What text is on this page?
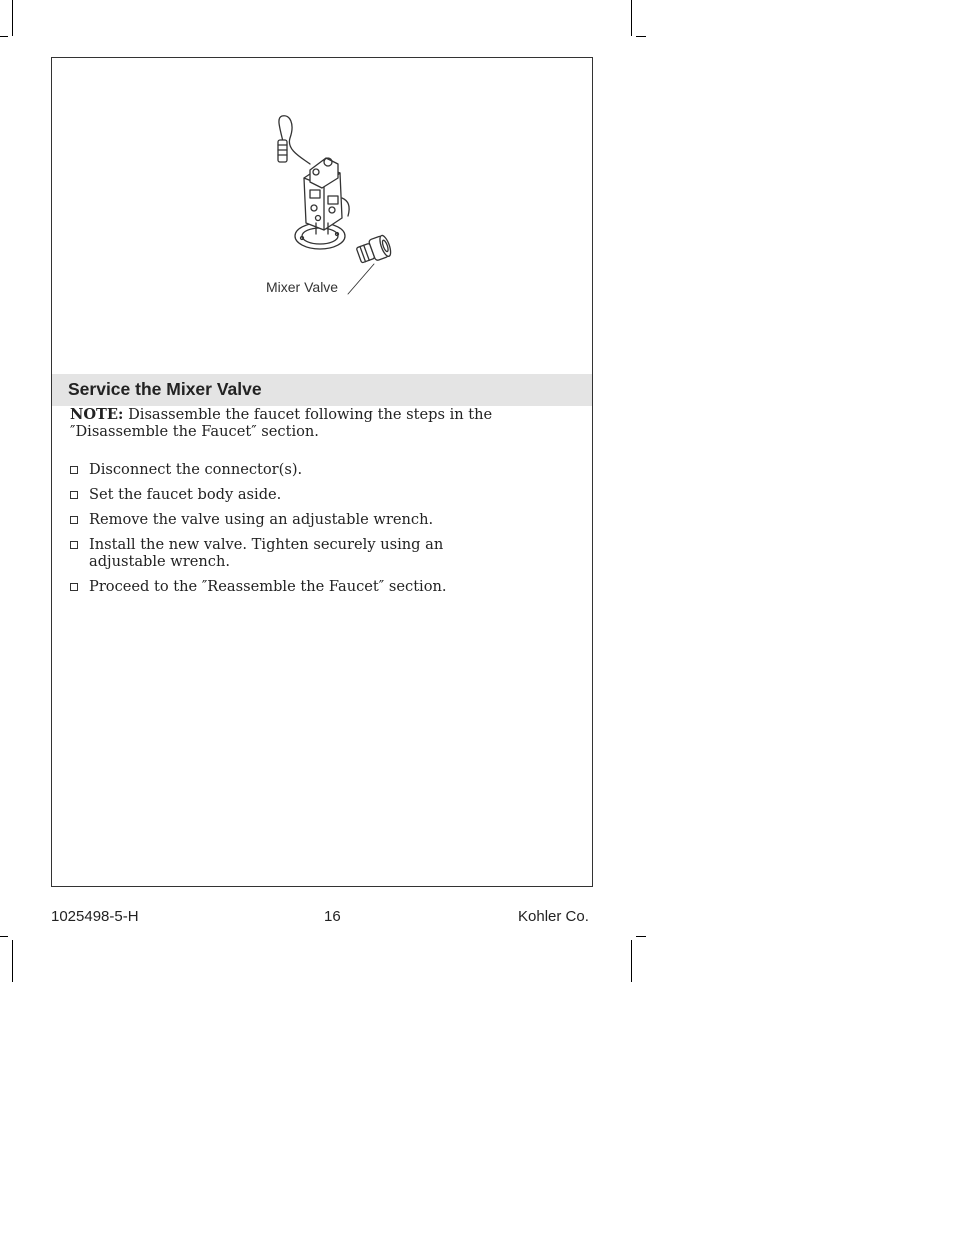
Mixer Valve
Service the Mixer Valve

NOTE: Disassemble the faucet following the steps in the ″Disassemble the Faucet″ section.

Disconnect the connector(s).
Set the faucet body aside.
Remove the valve using an adjustable wrench.
Install the new valve. Tighten securely using an adjustable wrench.
Proceed to the ″Reassemble the Faucet″ section.
1025498-5-H	16	Kohler Co.
